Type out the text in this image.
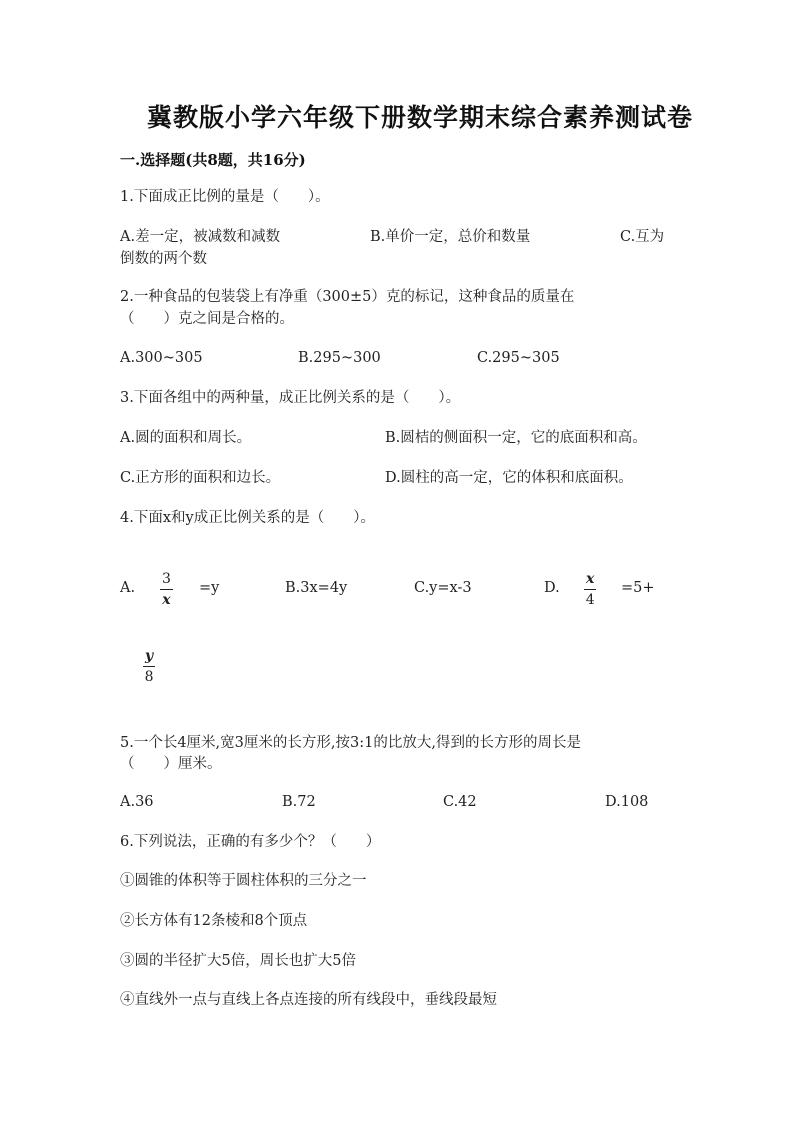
冀教版小学六年级下册数学期末综合素养测试卷
一.选择题(共8题，共16分)
1.下面成正比例的量是（　　）。
A.差一定，被减数和减数	B.单价一定，总价和数量	C.互为
倒数的两个数
2.一种食品的包装袋上有净重（300±5）克的标记，这种食品的质量在
（　　）克之间是合格的。
A.300~305	B.295~300	C.295~305
3.下面各组中的两种量，成正比例关系的是（　　）。
A.圆的面积和周长。	B.圆桔的侧面积一定，它的底面积和高。
C.正方形的面积和边长。	D.圆柱的高一定，它的体积和底面积。
4.下面x和y成正比例关系的是（　　）。
A. $\frac{3}{x} =y$	B.3x=4y	C.y=x-3	D. $\frac{x}{4} =5+$
$\frac{y}{8}$
5.一个长4厘米,宽3厘米的长方形,按3:1的比放大,得到的长方形的周长是
（　　）厘米。
A.36	B.72	C.42	D.108
6.下列说法，正确的有多少个？（　　）
①圆锥的体积等于圆柱体积的三分之一
②长方体有12条棱和8个顶点
③圆的半径扩大5倍，周长也扩大5倍
④直线外一点与直线上各点连接的所有线段中，垂线段最短
